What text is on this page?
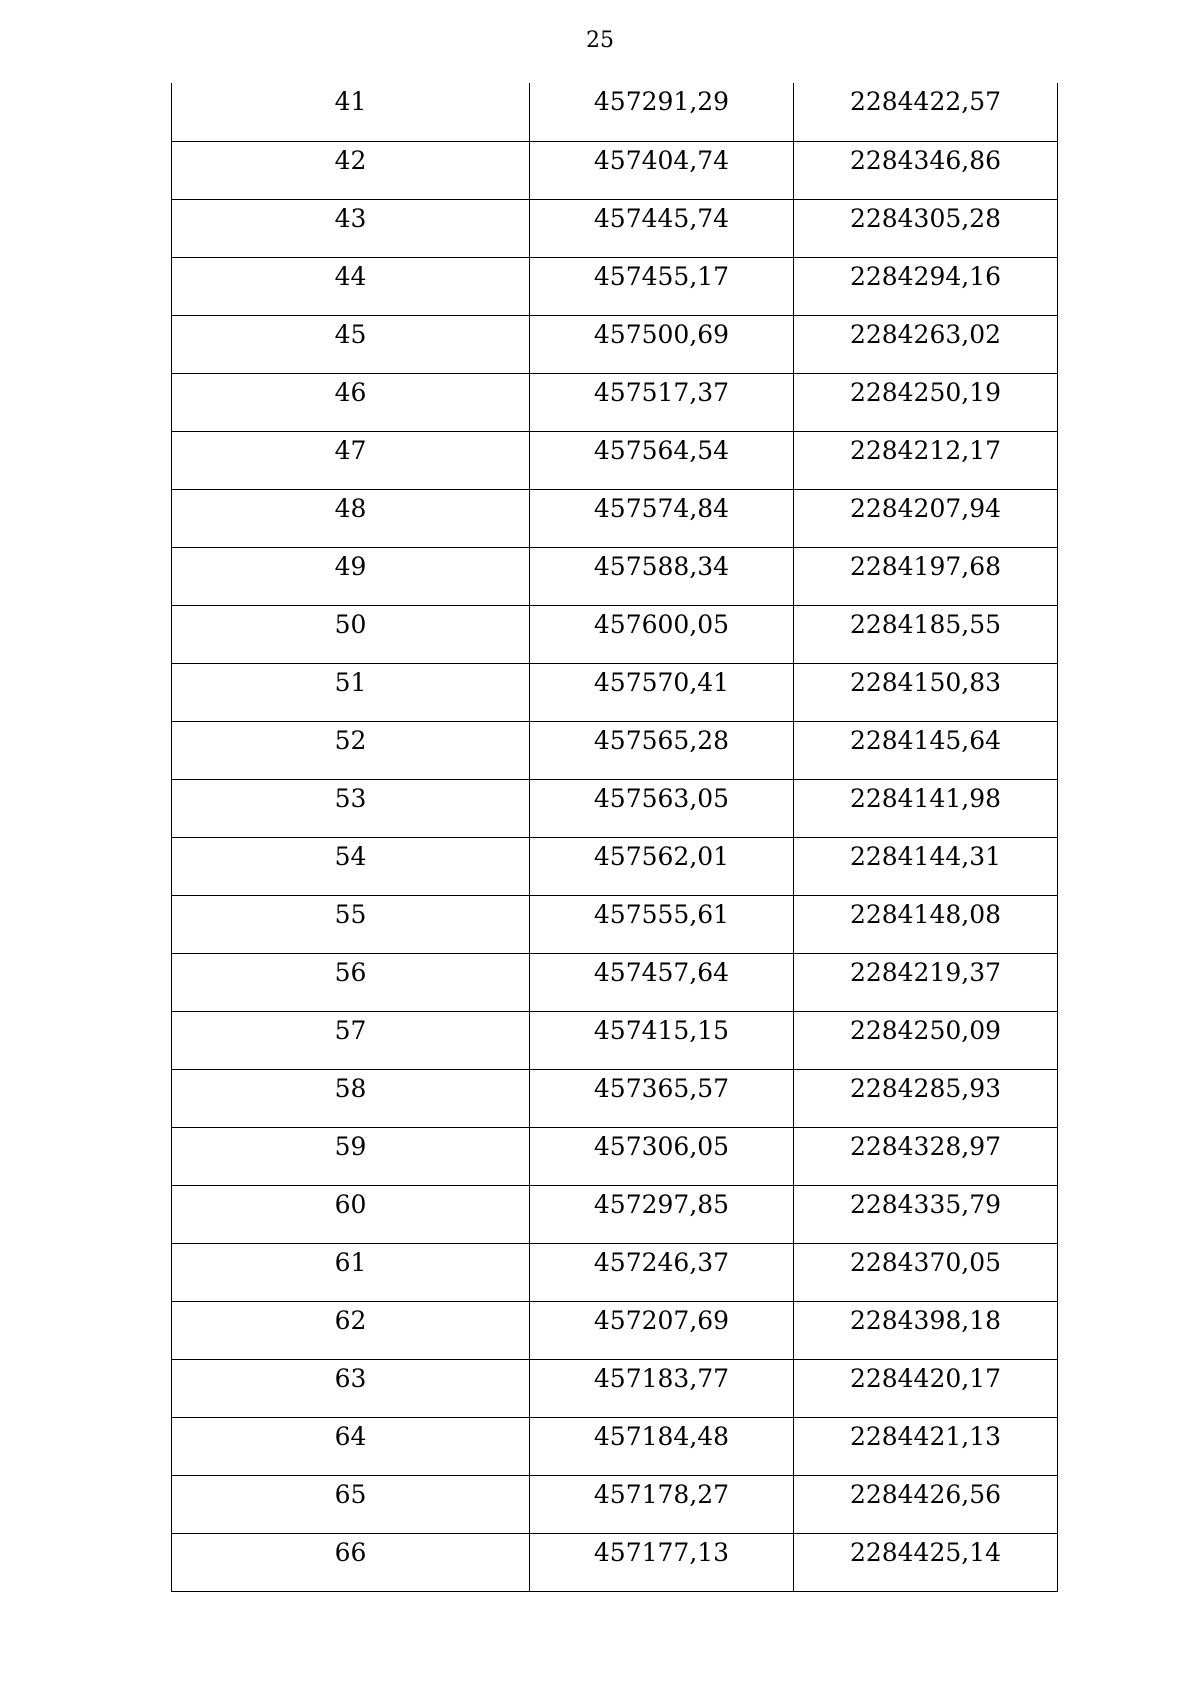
25
41	457291,29	2284422,57
42	457404,74	2284346,86
43	457445,74	2284305,28
44	457455,17	2284294,16
45	457500,69	2284263,02
46	457517,37	2284250,19
47	457564,54	2284212,17
48	457574,84	2284207,94
49	457588,34	2284197,68
50	457600,05	2284185,55
51	457570,41	2284150,83
52	457565,28	2284145,64
53	457563,05	2284141,98
54	457562,01	2284144,31
55	457555,61	2284148,08
56	457457,64	2284219,37
57	457415,15	2284250,09
58	457365,57	2284285,93
59	457306,05	2284328,97
60	457297,85	2284335,79
61	457246,37	2284370,05
62	457207,69	2284398,18
63	457183,77	2284420,17
64	457184,48	2284421,13
65	457178,27	2284426,56
66	457177,13	2284425,14
